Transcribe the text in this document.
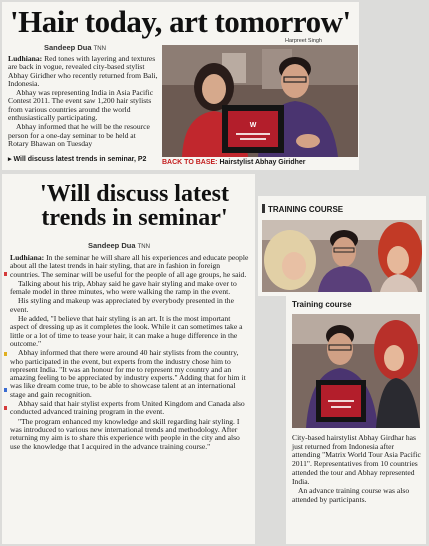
'Hair today, art tomorrow'
Sandeep Dua TNN

Ludhiana: Red tones with layering and textures are back in vogue, revealed city-based stylist Abhay Giridher who recently returned from Bali, Indonesia.

Abhay was representing India in Asia Pacific Contest 2011. The event saw 1,200 hair stylists from various countries around the world enthusiastically participating.

Abhay informed that he will be the resource person for a one-day seminar to be held at Rotary Bhawan on Tuesday

▸ Will discuss latest trends in seminar, P2
Harpreet Singh
W
BACK TO BASE: Hairstylist Abhay Giridher
'Will discuss latest trends in seminar'
Sandeep Dua TNN

Ludhiana: In the seminar he will share all his experiences and educate people about all the latest trends in hair styling, that are in fashion in foreign countries. The seminar will be useful for the people of all age groups, he said.

Talking about his trip, Abhay said he gave hair styling and make over to female model in three minutes, who were walking the ramp in the event.

His styling and makeup was appreciated by everybody presented in the event.

He added, "I believe that hair styling is an art. It is the most important aspect of dressing up as it completes the look. While it can sometimes take a little or a lot of time to tease your hair, it can make a huge difference in the outcome."

Abhay informed that there were around 40 hair stylists from the country, who participated in the event, but experts from the industry chose him to represent India. "It was an honour for me to represent my country and an amazing feeling to be appreciated by industry experts." Adding that for him it was like dream come true, to be able to showcase talent at an international stage and gain recognition.

Abhay said that hair stylist experts from United Kingdom and Canada also conducted advanced training program in the event.

"The program enhanced my knowledge and skill regarding hair styling. I was introduced to various new international trends and methodology. After returning my aim is to share this experience with people in the city and also use the knowledge that I acquired in the advance training course."

TRAINING COURSE
Training course

City-based hairstylist Abhay Girdhar has just returned from Indonesia after attending "Matrix World Tour Asia Pacific 2011". Representatives from 10 countries attended the tour and Abhay represented India.

An advance training course was also attended by participants.
